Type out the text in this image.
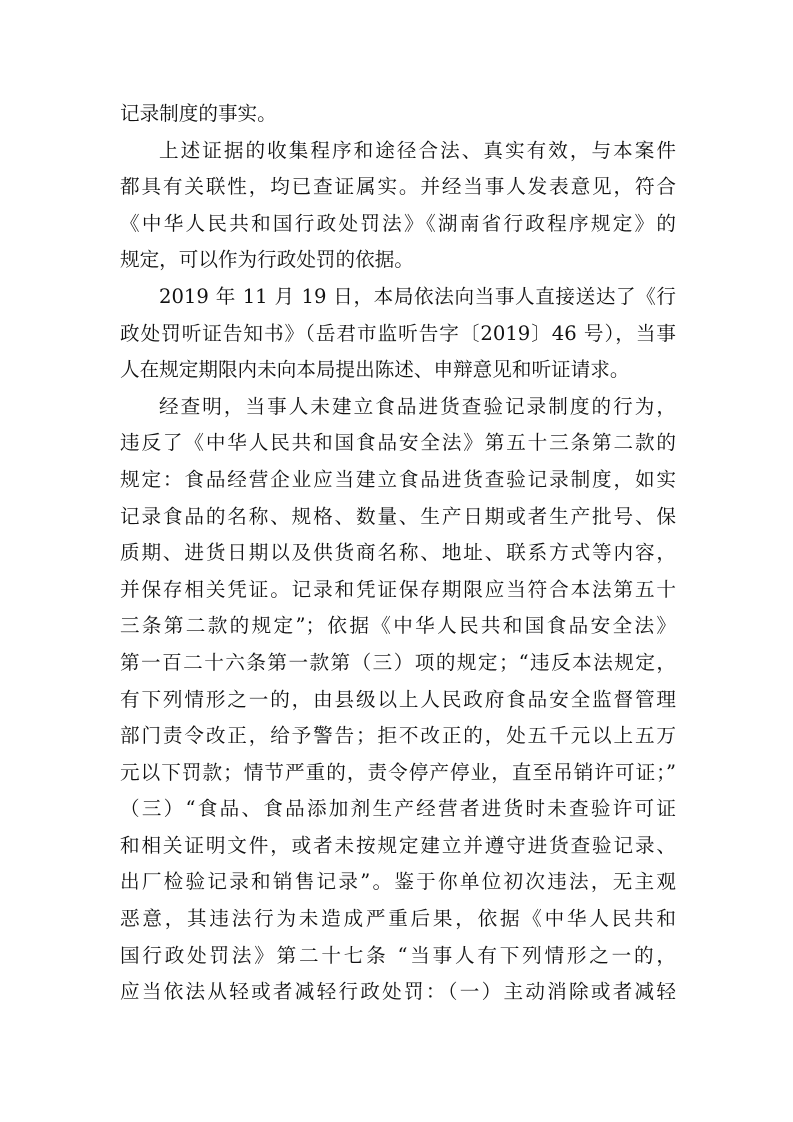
记录制度的事实。
上述证据的收集程序和途径合法、真实有效，与本案件
都具有关联性，均已查证属实。并经当事人发表意见，符合
《中华人民共和国行政处罚法》《湖南省行政程序规定》的
规定，可以作为行政处罚的依据。
2019 年 11 月 19 日，本局依法向当事人直接送达了《行
政处罚听证告知书》（岳君市监听告字〔2019〕46 号），当事
人在规定期限内未向本局提出陈述、申辩意见和听证请求。
经查明，当事人未建立食品进货查验记录制度的行为，
违反了《中华人民共和国食品安全法》第五十三条第二款的
规定：食品经营企业应当建立食品进货查验记录制度，如实
记录食品的名称、规格、数量、生产日期或者生产批号、保
质期、进货日期以及供货商名称、地址、联系方式等内容，
并保存相关凭证。记录和凭证保存期限应当符合本法第五十
三条第二款的规定”；依据《中华人民共和国食品安全法》
第一百二十六条第一款第（三）项的规定；“违反本法规定，
有下列情形之一的，由县级以上人民政府食品安全监督管理
部门责令改正，给予警告；拒不改正的，处五千元以上五万
元以下罚款；情节严重的，责令停产停业，直至吊销许可证；”
（三）“食品、食品添加剂生产经营者进货时未查验许可证
和相关证明文件，或者未按规定建立并遵守进货查验记录、
出厂检验记录和销售记录”。鉴于你单位初次违法，无主观
恶意，其违法行为未造成严重后果，依据《中华人民共和
国行政处罚法》第二十七条 “当事人有下列情形之一的，
应当依法从轻或者减轻行政处罚：（一）主动消除或者减轻
